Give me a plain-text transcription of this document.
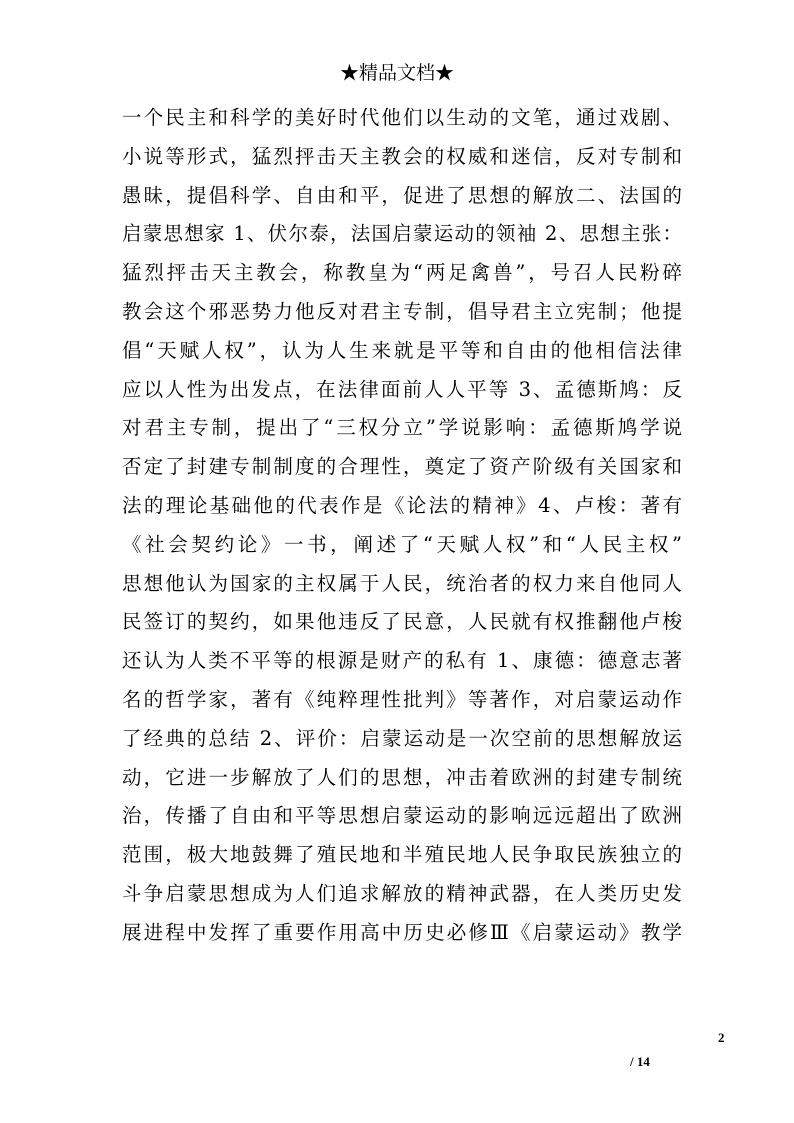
★精品文档★
一个民主和科学的美好时代他们以生动的文笔，通过戏剧、
小说等形式，猛烈抨击天主教会的权威和迷信，反对专制和
愚昧，提倡科学、自由和平，促进了思想的解放二、法国的
启蒙思想家 1、伏尔泰，法国启蒙运动的领袖 2、思想主张：
猛烈抨击天主教会，称教皇为“两足禽兽”，号召人民粉碎
教会这个邪恶势力他反对君主专制，倡导君主立宪制；他提
倡“天赋人权”，认为人生来就是平等和自由的他相信法律
应以人性为出发点，在法律面前人人平等 3、孟德斯鸠：反
对君主专制，提出了“三权分立”学说影响：孟德斯鸠学说
否定了封建专制制度的合理性，奠定了资产阶级有关国家和
法的理论基础他的代表作是《论法的精神》4、卢梭：著有
《社会契约论》一书，阐述了“天赋人权”和“人民主权”
思想他认为国家的主权属于人民，统治者的权力来自他同人
民签订的契约，如果他违反了民意，人民就有权推翻他卢梭
还认为人类不平等的根源是财产的私有 1、康德：德意志著
名的哲学家，著有《纯粹理性批判》等著作，对启蒙运动作
了经典的总结 2、评价：启蒙运动是一次空前的思想解放运
动，它进一步解放了人们的思想，冲击着欧洲的封建专制统
治，传播了自由和平等思想启蒙运动的影响远远超出了欧洲
范围，极大地鼓舞了殖民地和半殖民地人民争取民族独立的
斗争启蒙思想成为人们追求解放的精神武器，在人类历史发
展进程中发挥了重要作用高中历史必修Ⅲ《启蒙运动》教学
2
/ 14
